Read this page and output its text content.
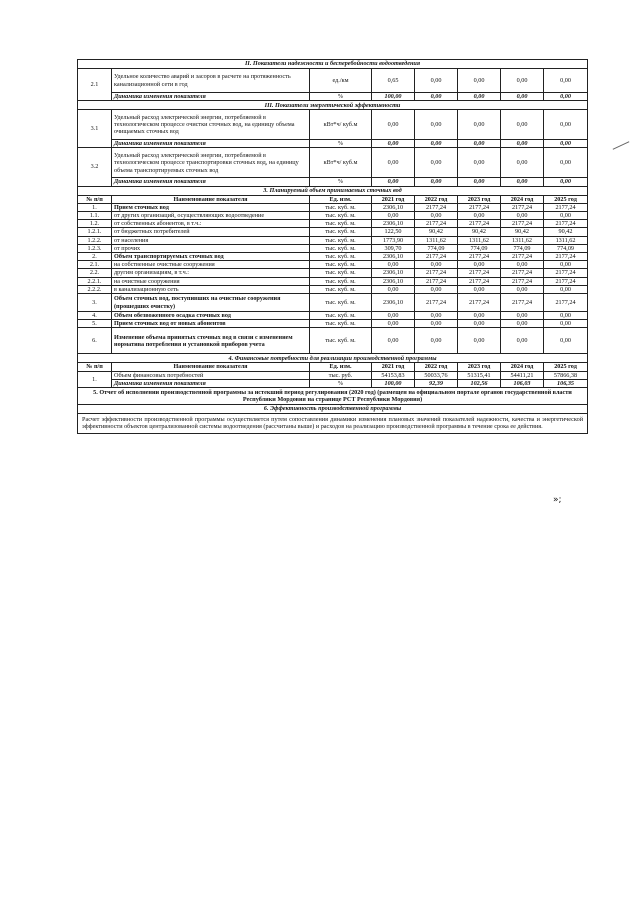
II. Показатели надежности и бесперебойности водоотведения							
2.1	Удельное количество аварий и засоров в расчете на протяженность канализационной сети в год	ед./км	0,65	0,00	0,00	0,00	0,00
	Динамика изменения показателя	%	100,00	0,00	0,00	0,00	0,00
III. Показатели энергетической эффективности							
3.1	Удельный расход электрической энергии, потребляемой в технологическом процессе очистки сточных вод, на единицу объема очищаемых сточных вод	кВт*ч/ куб.м	0,00	0,00	0,00	0,00	0,00
	Динамика изменения показателя	%	0,00	0,00	0,00	0,00	0,00
3.2	Удельный расход электрической энергии, потребляемой в технологическом процессе транспортировки сточных вод, на единицу объема транспортируемых сточных вод	кВт*ч/ куб.м	0,00	0,00	0,00	0,00	0,00
	Динамика изменения показателя	%	0,00	0,00	0,00	0,00	0,00
3. Планируемый объем принимаемых сточных вод							
№ п/п	Наименование показателя	Ед. изм.	2021 год	2022 год	2023 год	2024 год	2025 год
1.	Прием сточных вод	тыс. куб. м.	2306,10	2177,24	2177,24	2177,24	2177,24
1.1.	от других организаций, осуществляющих водоотведение	тыс. куб. м.	0,00	0,00	0,00	0,00	0,00
1.2.	от собственных абонентов, в т.ч.:	тыс. куб. м.	2306,10	2177,24	2177,24	2177,24	2177,24
1.2.1.	от бюджетных потребителей	тыс. куб. м.	122,50	90,42	90,42	90,42	90,42
1.2.2.	от населения	тыс. куб. м.	1773,90	1311,62	1311,62	1311,62	1311,62
1.2.3.	от прочих	тыс. куб. м.	309,70	774,09	774,09	774,09	774,09
2.	Объем транспортируемых сточных вод	тыс. куб. м.	2306,10	2177,24	2177,24	2177,24	2177,24
2.1.	на собственные очистные сооружения	тыс. куб. м.	0,00	0,00	0,00	0,00	0,00
2.2.	другим организациям, в т.ч.:	тыс. куб. м.	2306,10	2177,24	2177,24	2177,24	2177,24
2.2.1.	на очистные сооружения	тыс. куб. м.	2306,10	2177,24	2177,24	2177,24	2177,24
2.2.2.	в канализационную сеть	тыс. куб. м.	0,00	0,00	0,00	0,00	0,00
3.	Объем сточных вод, поступивших на очистные сооружения (прошедших очистку)	тыс. куб. м.	2306,10	2177,24	2177,24	2177,24	2177,24
4.	Объем обезвоженного осадка сточных вод	тыс. куб. м.	0,00	0,00	0,00	0,00	0,00
5.	Прием сточных вод от новых абонентов	тыс. куб. м.	0,00	0,00	0,00	0,00	0,00
6.	Изменение объема принятых сточных вод в связи с изменением норматива потребления и установкой приборов учета	тыс. куб. м.	0,00	0,00	0,00	0,00	0,00
4. Финансовые потребности для реализации производственной программы							
№ п/п	Наименование показателя	Ед. изм.	2021 год	2022 год	2023 год	2024 год	2025 год
1.	Объем финансовых потребностей	тыс. руб.	54153,83	50033,76	51315,41	54411,21	57866,38
	Динамика изменения показателя	%	100,00	92,39	102,56	106,03	106,35
5. Отчет об исполнении производственной программы за истекший период регулирования (2020 год) (размещен на официальном портале органов государственной власти Республики Мордовия на странице РСТ Республики Мордовия)							
6. Эффективность производственной программы							
Расчет эффективности производственной программы осуществляется путем сопоставления динамики изменения плановых значений показателей надежности, качества и энергетической эффективности объектов централизованной системы водоотведения (рассчитаны выше) и расходов на реализацию производственной программы в течение срока ее действия.							
»;
